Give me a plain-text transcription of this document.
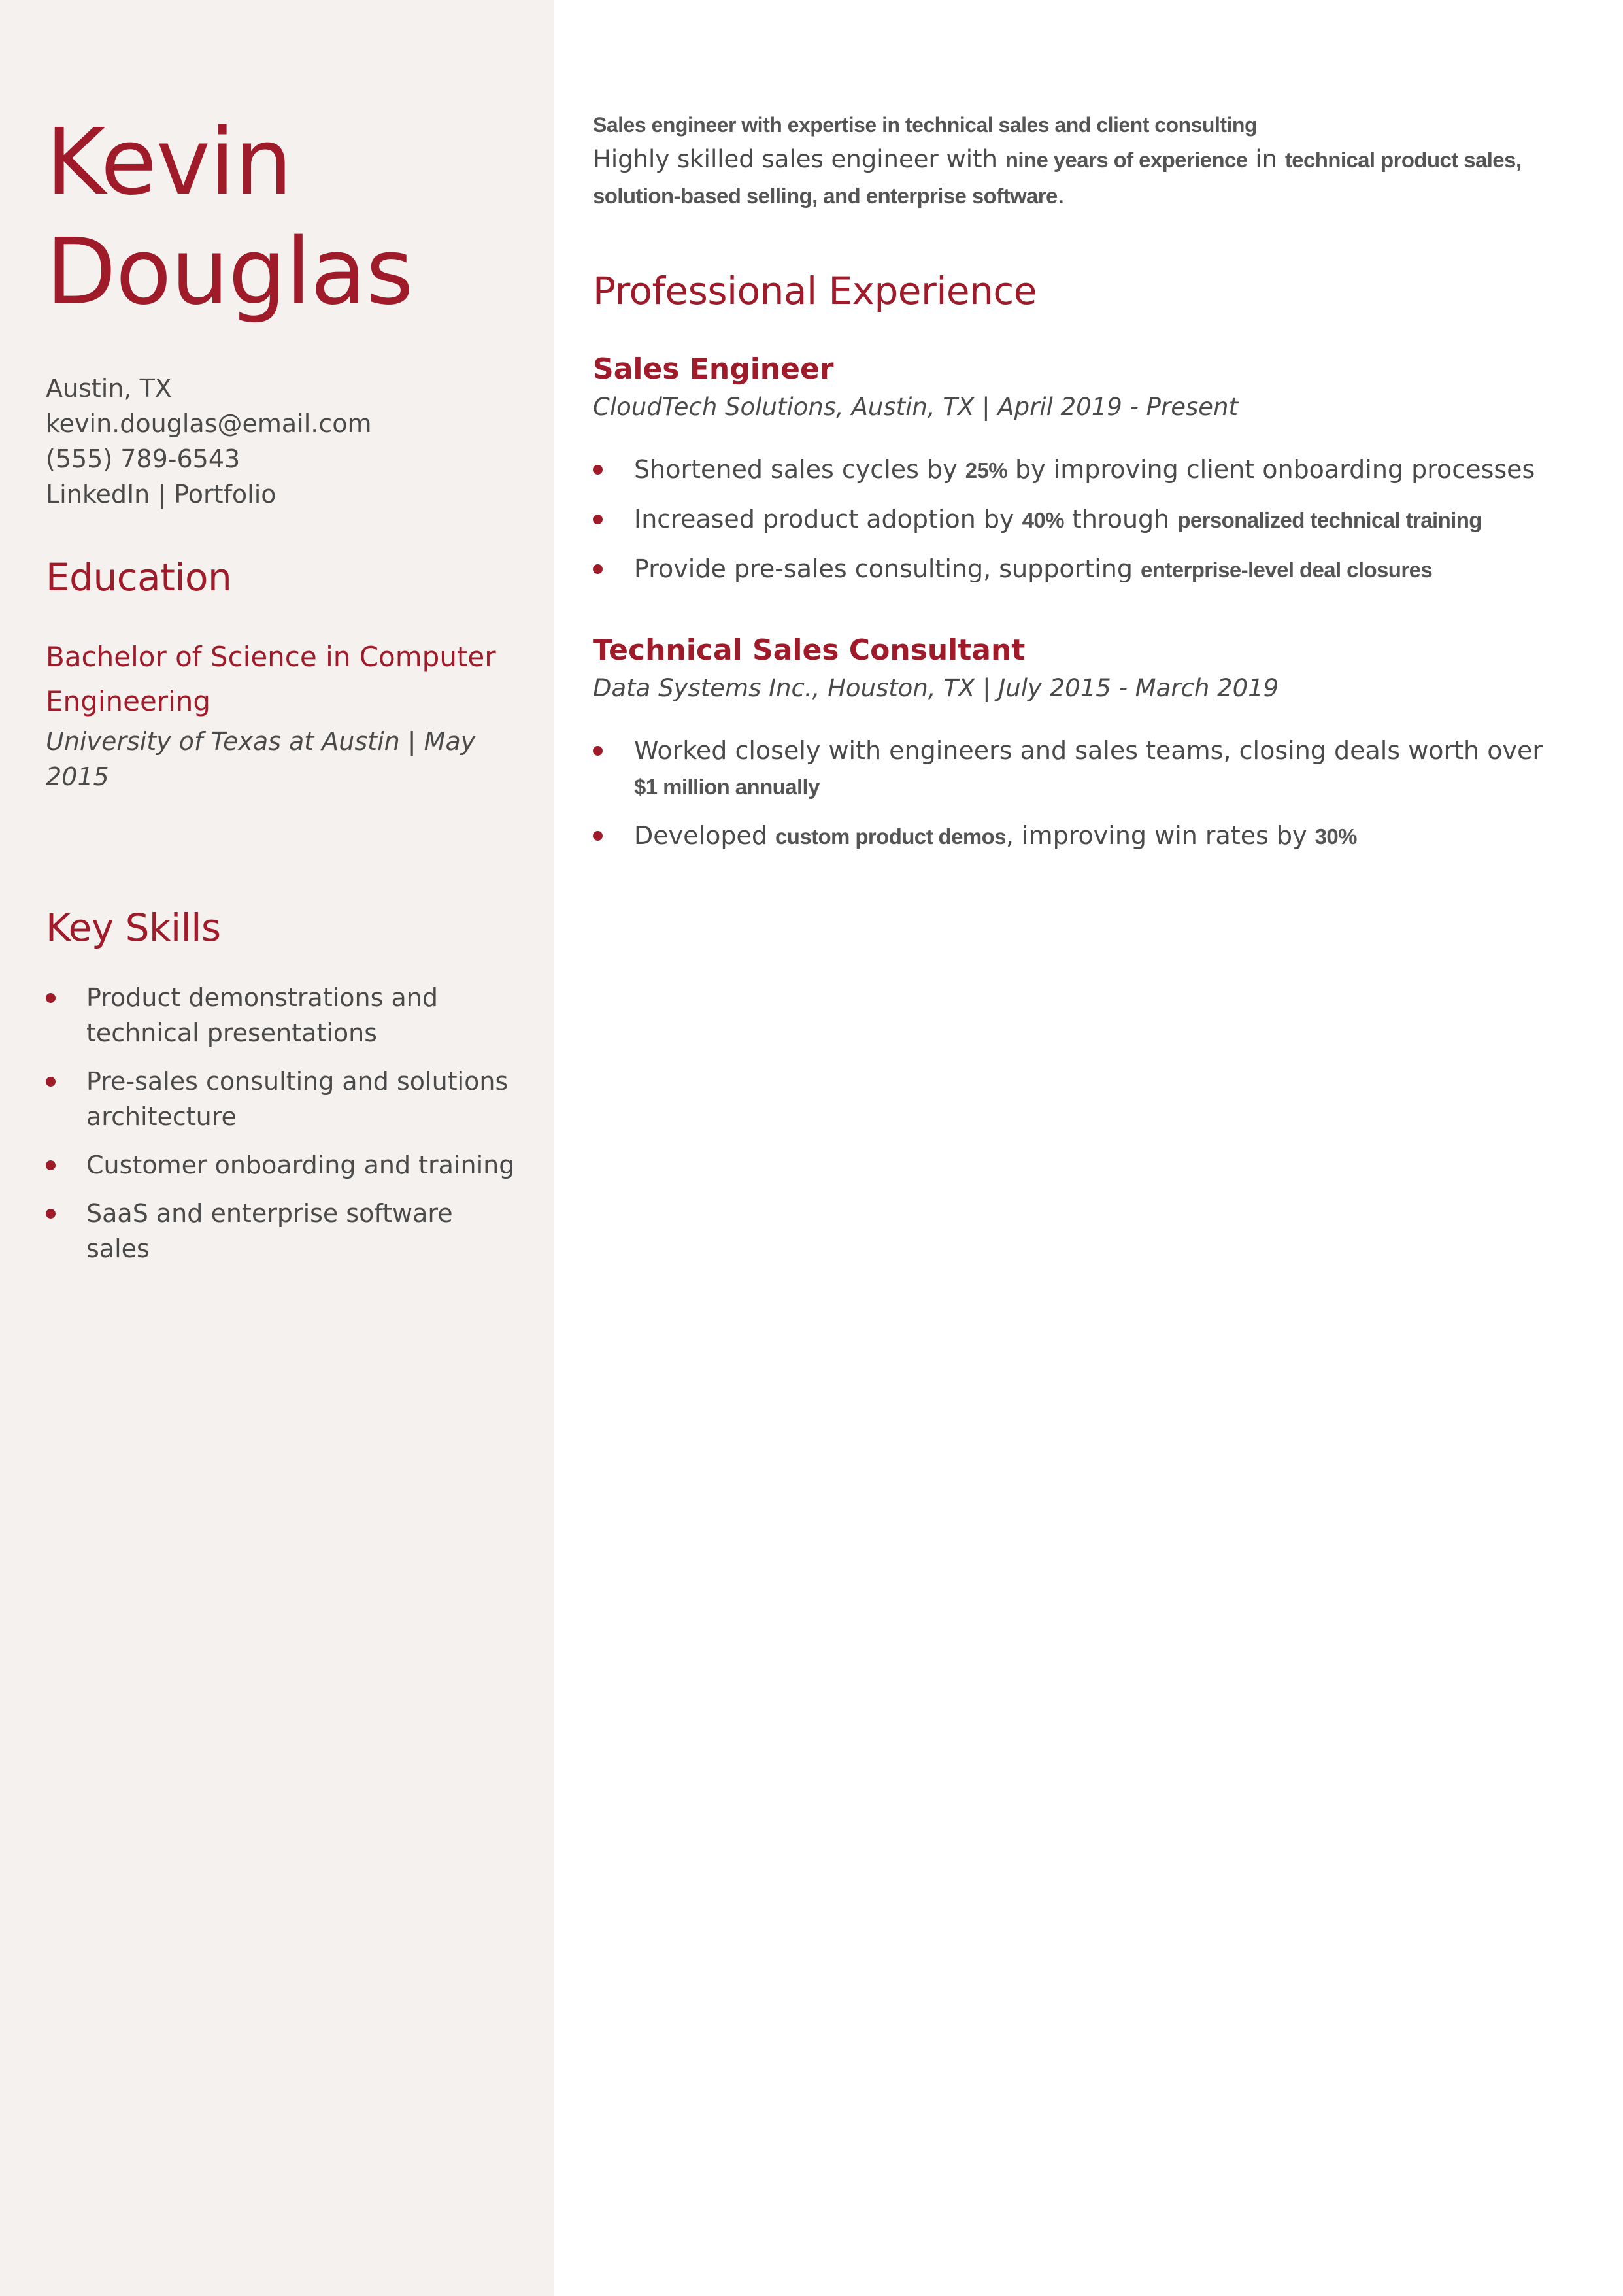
Kevin
Douglas
Austin, TX
kevin.douglas@email.com
(555) 789-6543
LinkedIn | Portfolio
Education
Bachelor of Science in Computer Engineering
University of Texas at Austin | May 2015
Key Skills
Product demonstrations and technical presentations
Pre-sales consulting and solutions architecture
Customer onboarding and training
SaaS and enterprise software sales
Sales engineer with expertise in technical sales and client consulting
Highly skilled sales engineer with nine years of experience in technical product sales, solution-based selling, and enterprise software.
Professional Experience
Sales Engineer
CloudTech Solutions, Austin, TX | April 2019 - Present
Shortened sales cycles by 25% by improving client onboarding processes
Increased product adoption by 40% through personalized technical training
Provide pre-sales consulting, supporting enterprise-level deal closures
Technical Sales Consultant
Data Systems Inc., Houston, TX | July 2015 - March 2019
Worked closely with engineers and sales teams, closing deals worth over $1 million annually
Developed custom product demos, improving win rates by 30%
